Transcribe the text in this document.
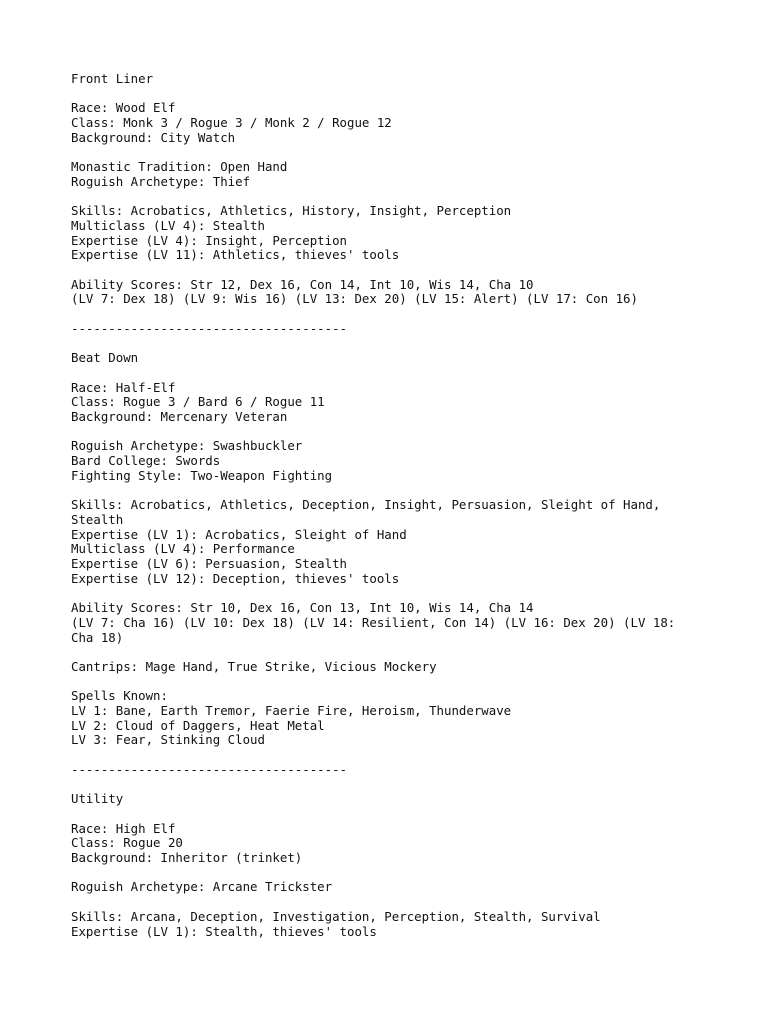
Front Liner
Race: Wood Elf
Class: Monk 3 / Rogue 3 / Monk 2 / Rogue 12
Background: City Watch
Monastic Tradition: Open Hand
Roguish Archetype: Thief
Skills: Acrobatics, Athletics, History, Insight, Perception
Multiclass (LV 4): Stealth
Expertise (LV 4): Insight, Perception
Expertise (LV 11): Athletics, thieves' tools
Ability Scores: Str 12, Dex 16, Con 14, Int 10, Wis 14, Cha 10
(LV 7: Dex 18) (LV 9: Wis 16) (LV 13: Dex 20) (LV 15: Alert) (LV 17: Con 16)
-------------------------------------
Beat Down
Race: Half-Elf
Class: Rogue 3 / Bard 6 / Rogue 11
Background: Mercenary Veteran
Roguish Archetype: Swashbuckler
Bard College: Swords
Fighting Style: Two-Weapon Fighting
Skills: Acrobatics, Athletics, Deception, Insight, Persuasion, Sleight of Hand,
Stealth
Expertise (LV 1): Acrobatics, Sleight of Hand
Multiclass (LV 4): Performance
Expertise (LV 6): Persuasion, Stealth
Expertise (LV 12): Deception, thieves' tools
Ability Scores: Str 10, Dex 16, Con 13, Int 10, Wis 14, Cha 14
(LV 7: Cha 16) (LV 10: Dex 18) (LV 14: Resilient, Con 14) (LV 16: Dex 20) (LV 18:
Cha 18)
Cantrips: Mage Hand, True Strike, Vicious Mockery
Spells Known:
LV 1: Bane, Earth Tremor, Faerie Fire, Heroism, Thunderwave
LV 2: Cloud of Daggers, Heat Metal
LV 3: Fear, Stinking Cloud
-------------------------------------
Utility
Race: High Elf
Class: Rogue 20
Background: Inheritor (trinket)
Roguish Archetype: Arcane Trickster
Skills: Arcana, Deception, Investigation, Perception, Stealth, Survival
Expertise (LV 1): Stealth, thieves' tools
